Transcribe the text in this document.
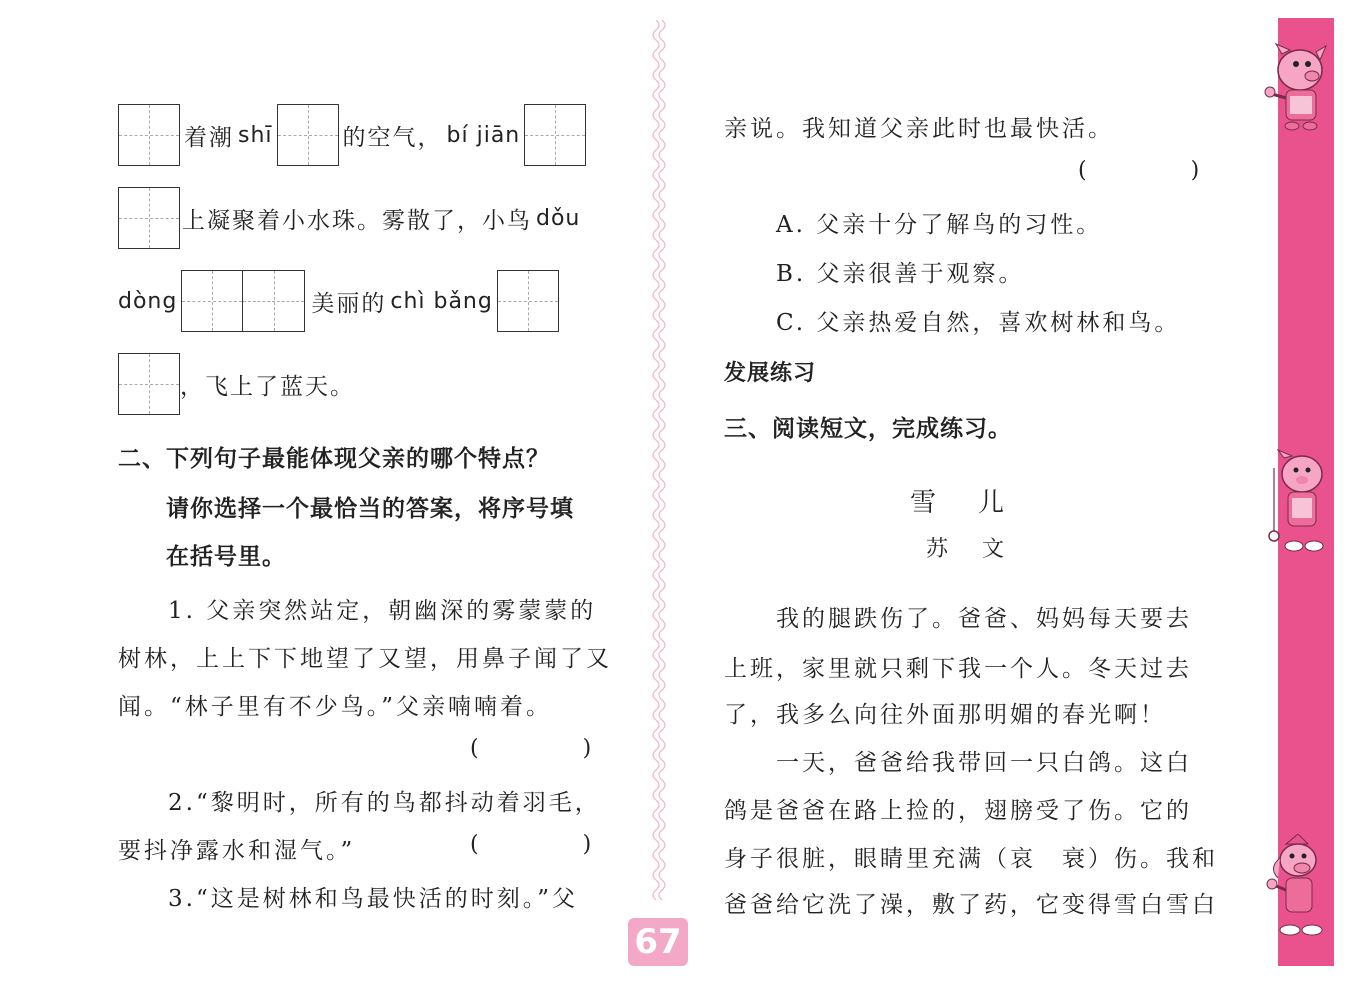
着潮 shī	的空气， bí jiān
上凝聚着小水珠。雾散了，小鸟 dǒu
dòng	美丽的 chì bǎng
，飞上了蓝天。
二、下列句子最能体现父亲的哪个特点？
请你选择一个最恰当的答案，将序号填
在括号里。
1. 父亲突然站定，朝幽深的雾蒙蒙的
树林，上上下下地望了又望，用鼻子闻了又
闻。“林子里有不少鸟。”父亲喃喃着。
(	)
2.“黎明时，所有的鸟都抖动着羽毛，
要抖净露水和湿气。”	(	)
3.“这是树林和鸟最快活的时刻。”父
67
亲说。我知道父亲此时也最快活。
(	)
A. 父亲十分了解鸟的习性。
B. 父亲很善于观察。
C. 父亲热爱自然，喜欢树林和鸟。
发展练习
三、阅读短文，完成练习。
雪　儿
苏　文
我的腿跌伤了。爸爸、妈妈每天要去
上班，家里就只剩下我一个人。冬天过去
了，我多么向往外面那明媚的春光啊！
一天，爸爸给我带回一只白鸽。这白
鸽是爸爸在路上捡的，翅膀受了伤。它的
身子很脏，眼睛里充满（哀　衰）伤。我和
爸爸给它洗了澡，敷了药，它变得雪白雪白
